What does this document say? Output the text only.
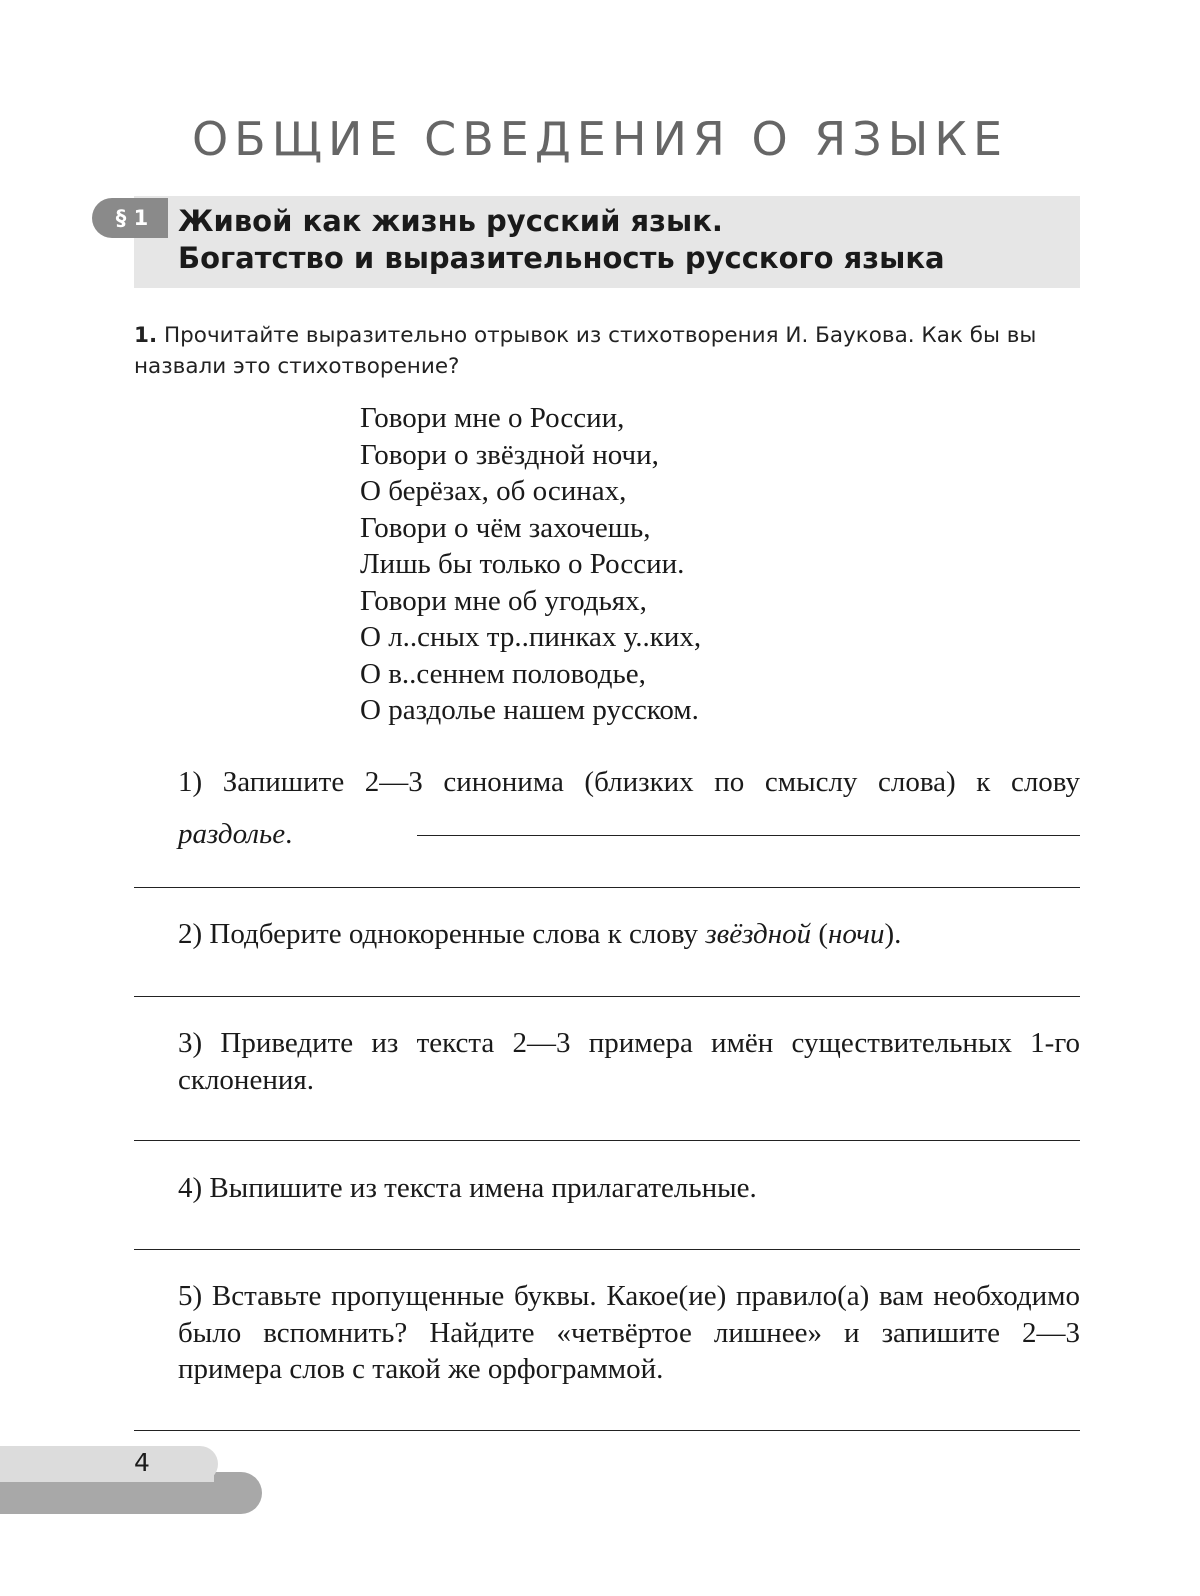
ОБЩИЕ СВЕДЕНИЯ О ЯЗЫКЕ
§ 1	Живой как жизнь русский язык.
Богатство и выразительность русского языка
1. Прочитайте выразительно отрывок из стихотворения И. Баукова. Как бы вы назвали это стихотворение?
Говори мне о России,
Говори о звёздной ночи,
О берёзах, об осинах,
Говори о чём захочешь,
Лишь бы только о России.
Говори мне об угодьях,
О л..сных тр..пинках у..ких,
О в..сеннем половодье,
О раздолье нашем русском.
1) Запишите 2—3 синонима (близких по смыслу слова) к слову раздолье.
2) Подберите однокоренные слова к слову звёздной (ночи).
3) Приведите из текста 2—3 примера имён существительных 1-го склонения.
4) Выпишите из текста имена прилагательные.
5) Вставьте пропущенные буквы. Какое(ие) правило(а) вам необходимо было вспомнить? Найдите «четвёртое лишнее» и запишите 2—3 примера слов с такой же орфограммой.
4
